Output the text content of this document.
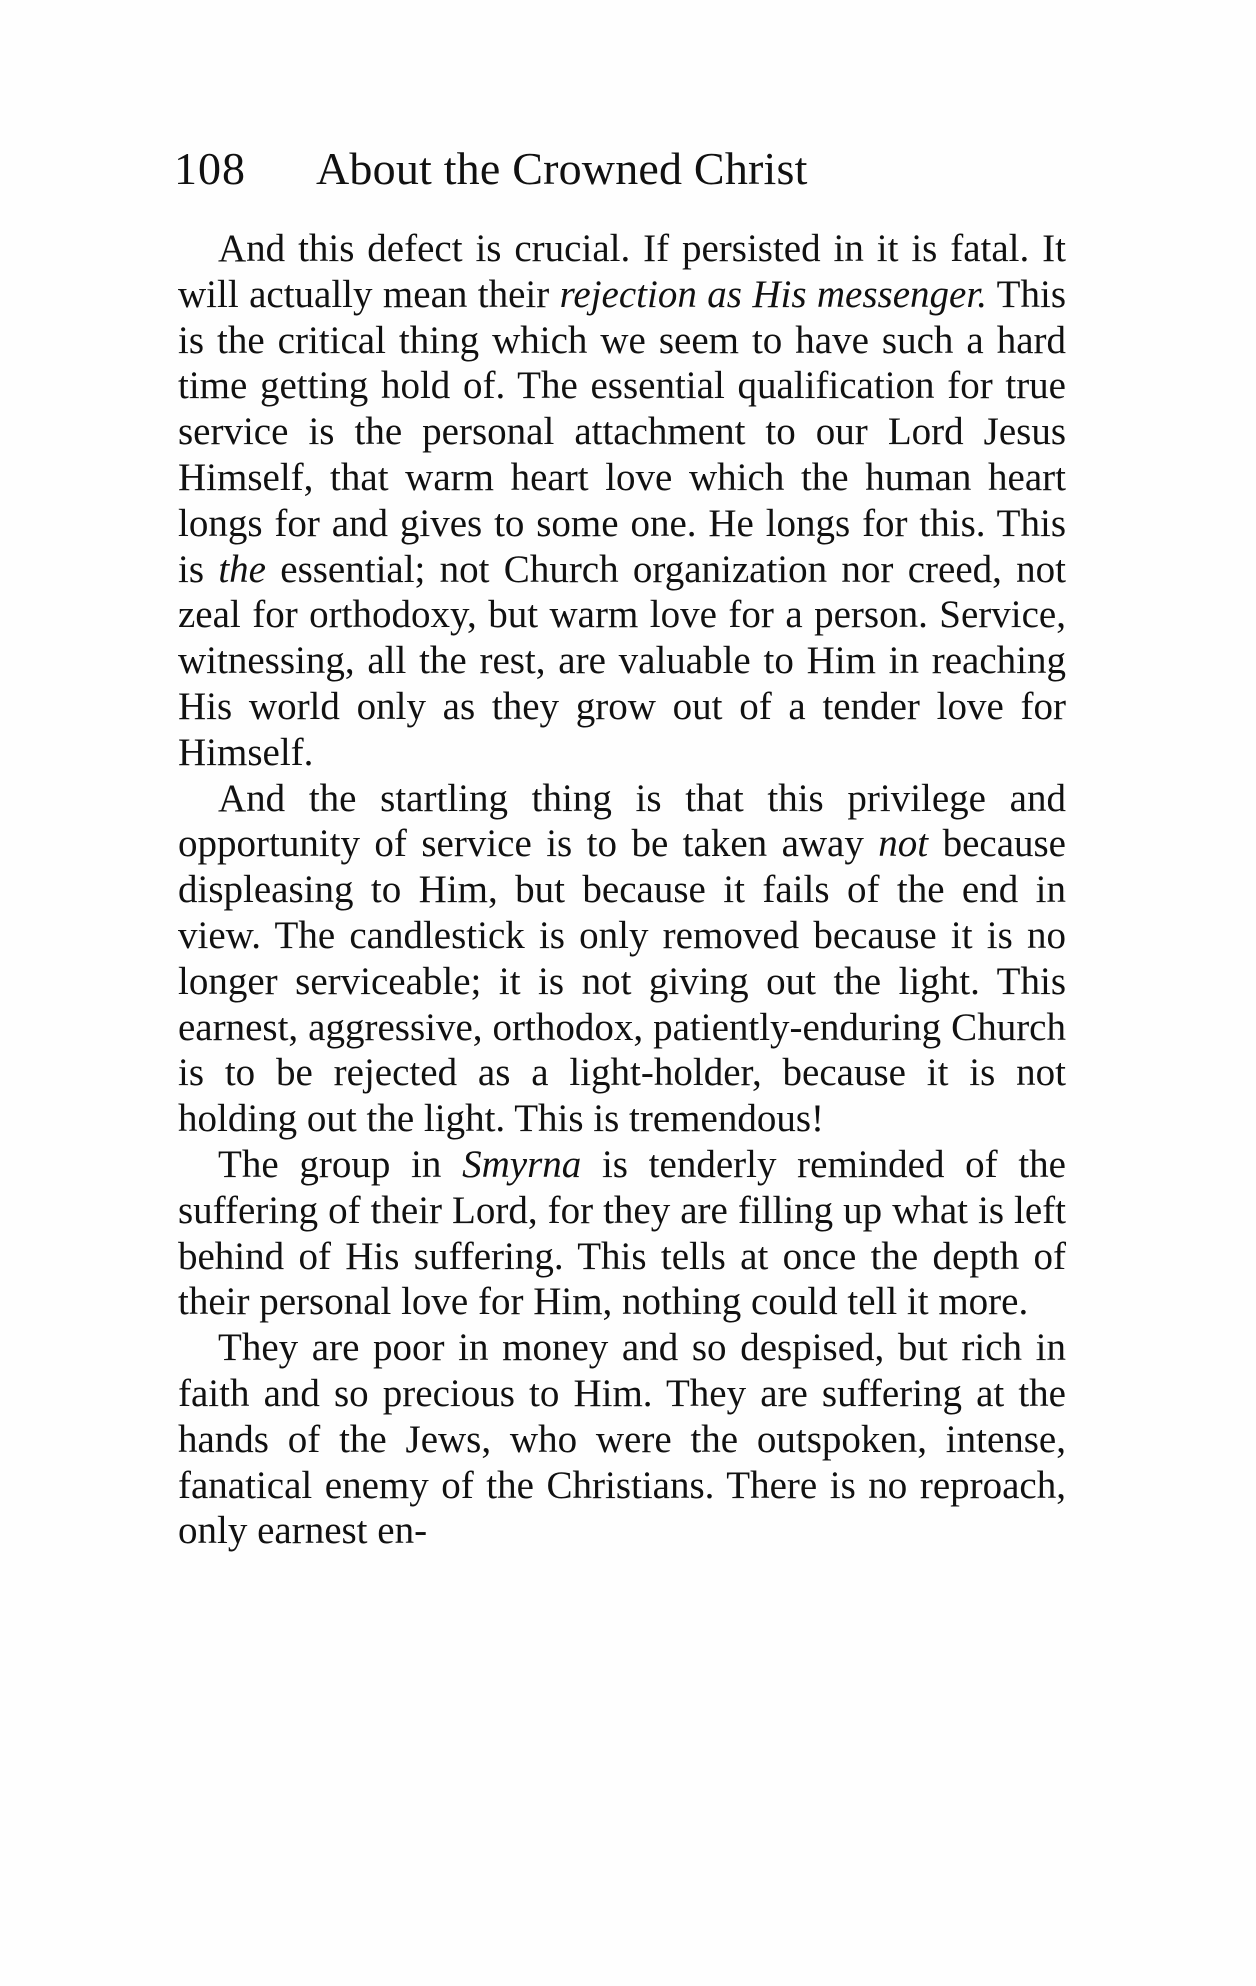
108 About the Crowned Christ

And this defect is crucial. If persisted in it is fatal. It will actually mean their rejection as His messenger. This is the critical thing which we seem to have such a hard time getting hold of. The essential qualification for true service is the personal attachment to our Lord Jesus Himself, that warm heart love which the human heart longs for and gives to some one. He longs for this. This is the essential; not Church organization nor creed, not zeal for orthodoxy, but warm love for a person. Service, witnessing, all the rest, are valuable to Him in reaching His world only as they grow out of a tender love for Himself.

And the startling thing is that this privilege and opportunity of service is to be taken away not because displeasing to Him, but because it fails of the end in view. The candlestick is only removed because it is no longer serviceable; it is not giving out the light. This earnest, aggressive, orthodox, patiently-enduring Church is to be rejected as a light-holder, because it is not holding out the light. This is tremendous!

The group in Smyrna is tenderly reminded of the suffering of their Lord, for they are filling up what is left behind of His suffering. This tells at once the depth of their personal love for Him, nothing could tell it more.

They are poor in money and so despised, but rich in faith and so precious to Him. They are suffering at the hands of the Jews, who were the outspoken, intense, fanatical enemy of the Christians. There is no reproach, only earnest en-
